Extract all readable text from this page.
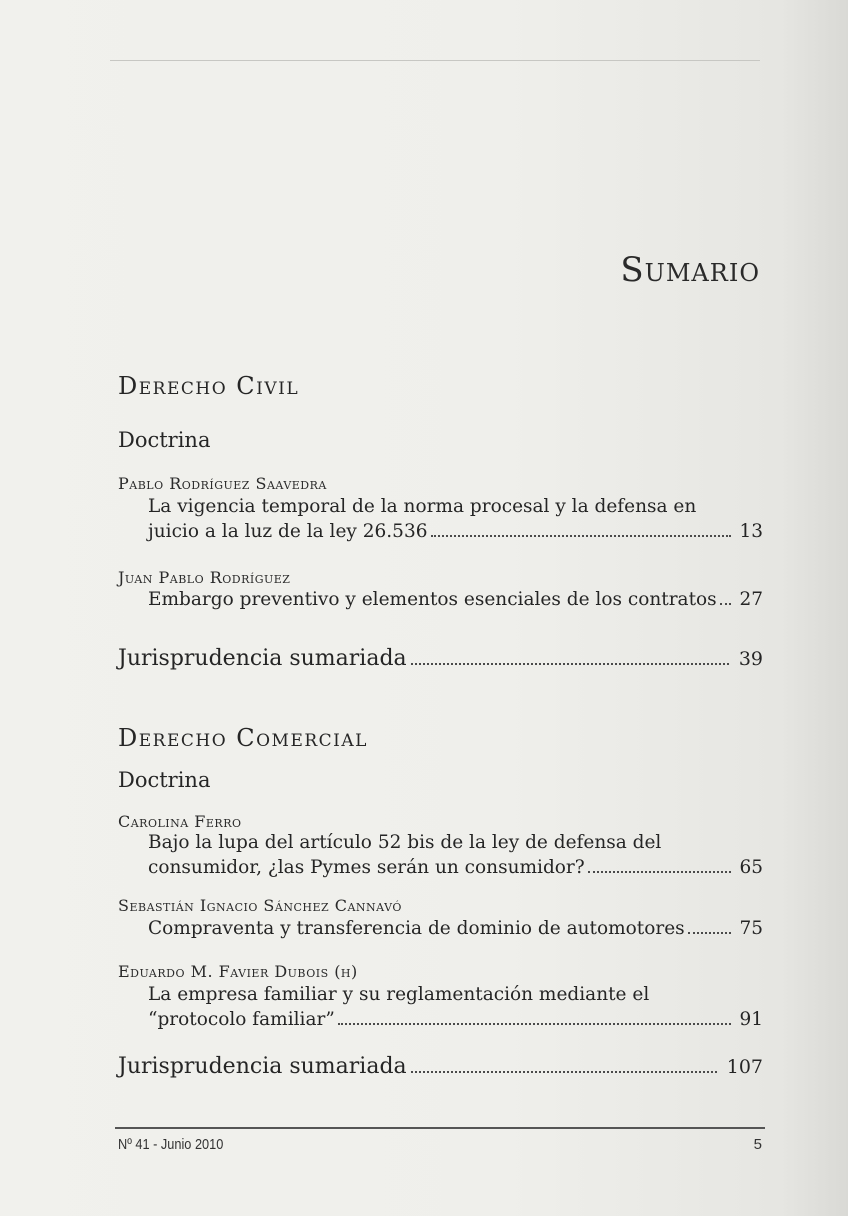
Sumario
Derecho Civil
Doctrina
Pablo Rodríguez Saavedra
La vigencia temporal de la norma procesal y la defensa en
juicio a la luz de la ley 26.536	13
Juan Pablo Rodríguez
Embargo preventivo y elementos esenciales de los contratos 27
Jurisprudencia sumariada	39
Derecho Comercial
Doctrina
Carolina Ferro
Bajo la lupa del artículo 52 bis de la ley de defensa del
consumidor, ¿las Pymes serán un consumidor?	65
Sebastián Ignacio Sánchez Cannavó
Compraventa y transferencia de dominio de automotores	75
Eduardo M. Favier Dubois (h)
La empresa familiar y su reglamentación mediante el
“protocolo familiar”	91
Jurisprudencia sumariada	107
Nº 41 - Junio 2010	5
